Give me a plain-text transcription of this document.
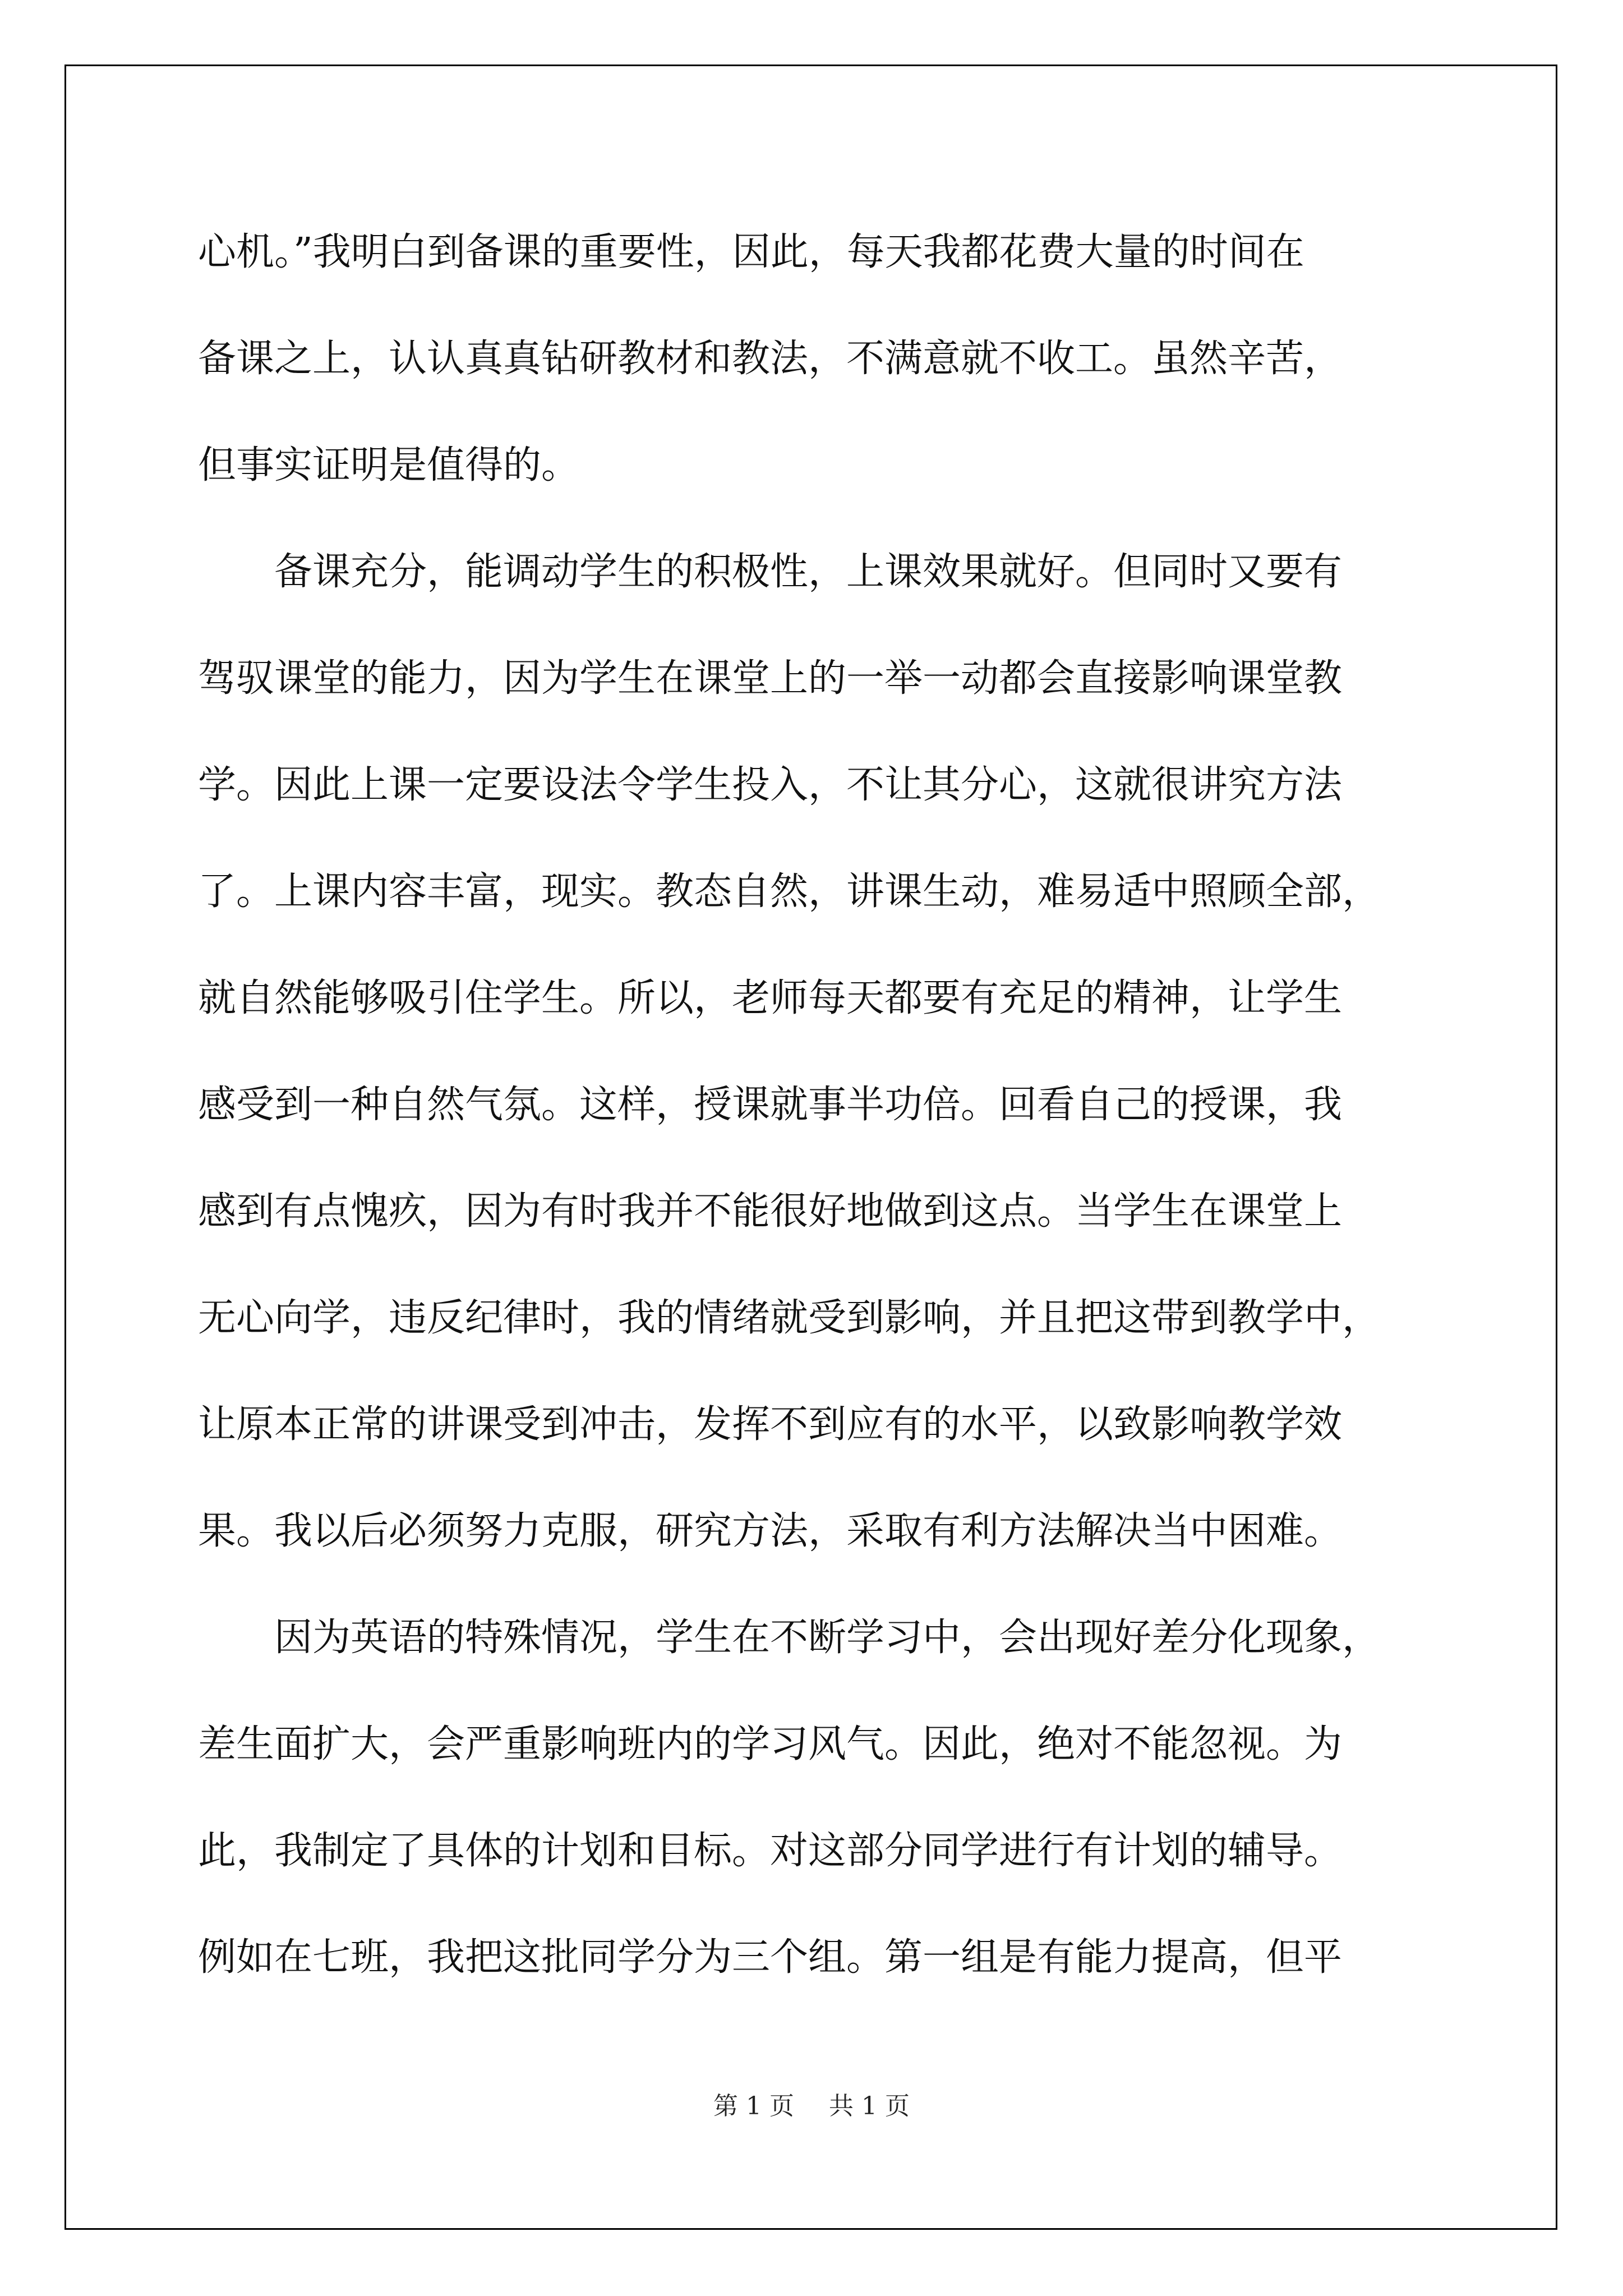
心机。”我明白到备课的重要性，因此，每天我都花费大量的时间在
备课之上，认认真真钻研教材和教法，不满意就不收工。虽然辛苦，
但事实证明是值得的。
备课充分，能调动学生的积极性，上课效果就好。但同时又要有
驾驭课堂的能力，因为学生在课堂上的一举一动都会直接影响课堂教
学。因此上课一定要设法令学生投入，不让其分心，这就很讲究方法
了。上课内容丰富，现实。教态自然，讲课生动，难易适中照顾全部，
就自然能够吸引住学生。所以，老师每天都要有充足的精神，让学生
感受到一种自然气氛。这样，授课就事半功倍。回看自己的授课，我
感到有点愧疚，因为有时我并不能很好地做到这点。当学生在课堂上
无心向学，违反纪律时，我的情绪就受到影响，并且把这带到教学中，
让原本正常的讲课受到冲击，发挥不到应有的水平，以致影响教学效
果。我以后必须努力克服，研究方法，采取有利方法解决当中困难。
因为英语的特殊情况，学生在不断学习中，会出现好差分化现象，
差生面扩大，会严重影响班内的学习风气。因此，绝对不能忽视。为
此，我制定了具体的计划和目标。对这部分同学进行有计划的辅导。
例如在七班，我把这批同学分为三个组。第一组是有能力提高，但平
第 1 页 共 1 页
